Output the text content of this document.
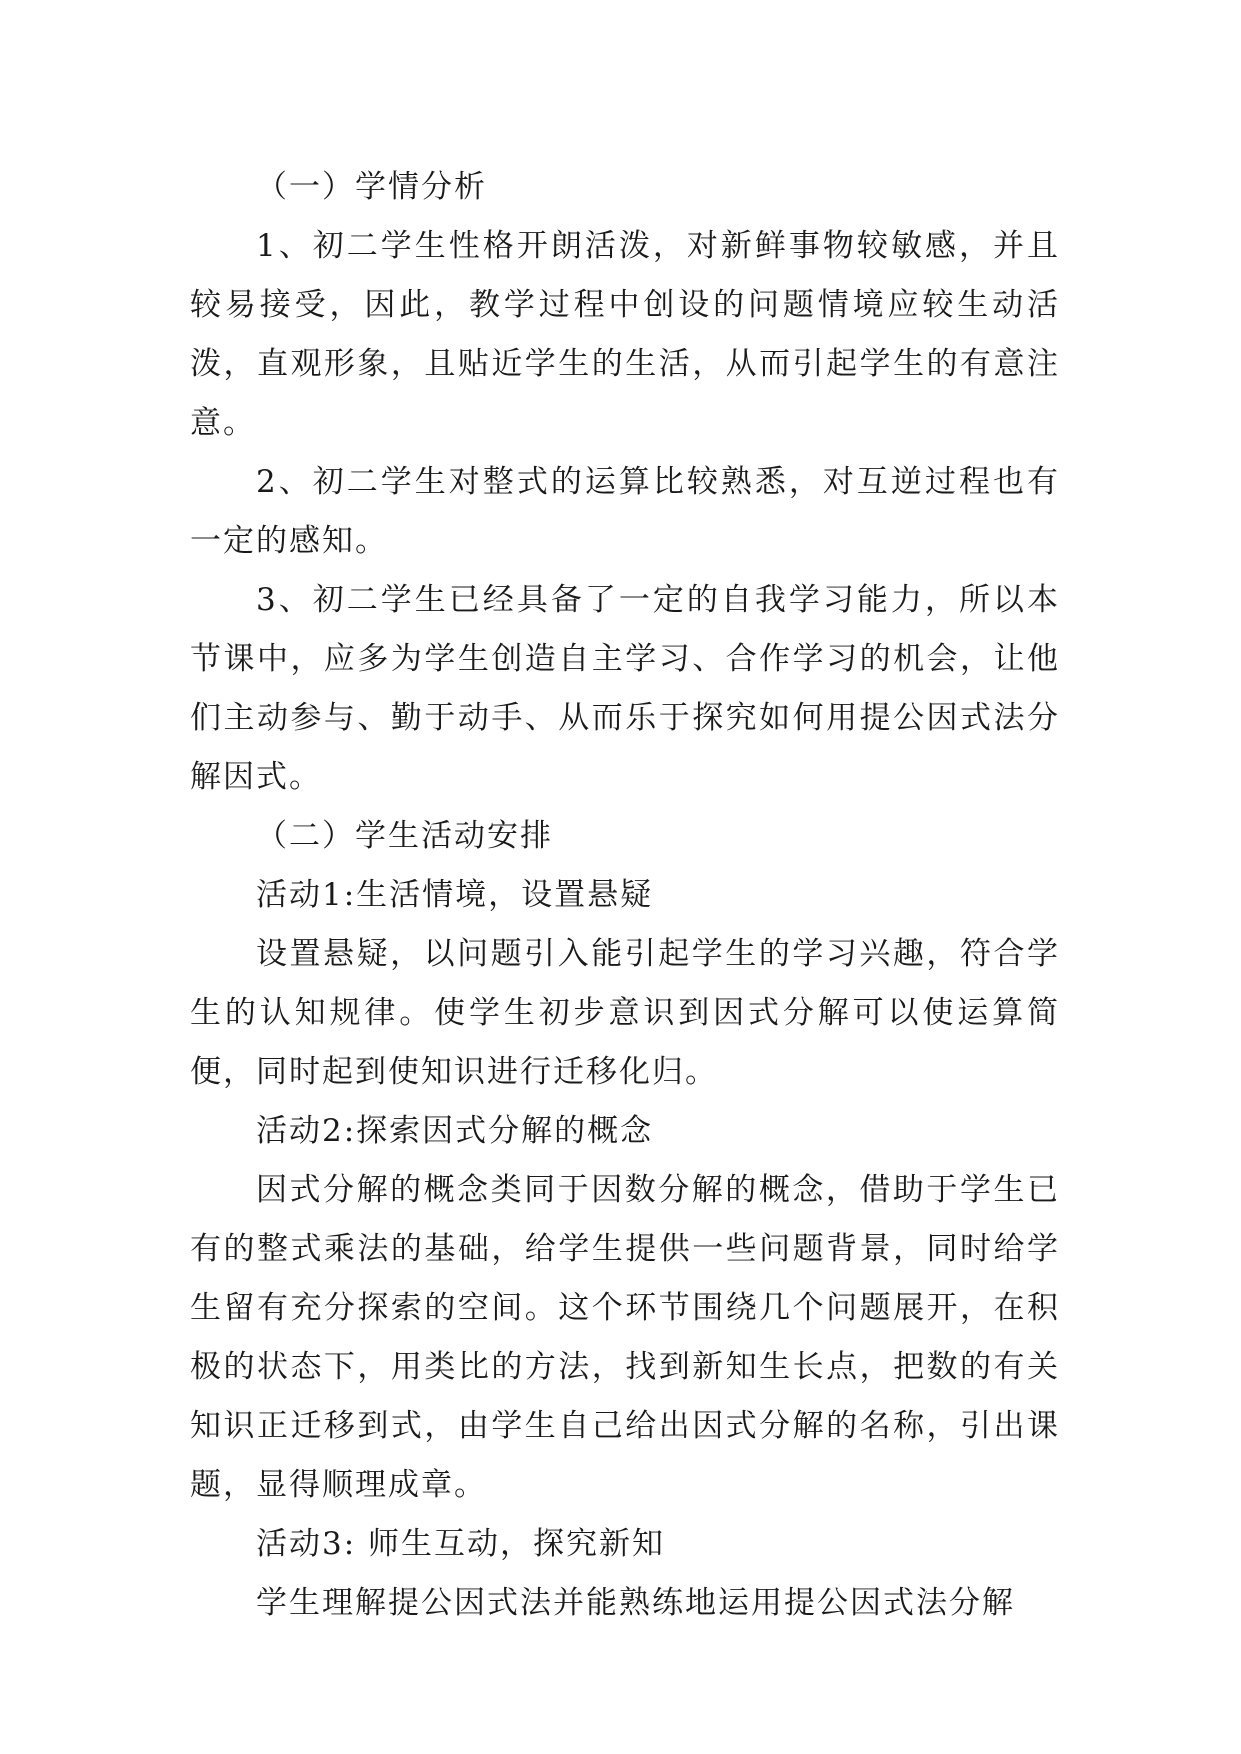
（一）学情分析

1、初二学生性格开朗活泼，对新鲜事物较敏感，并且较易接受，因此，教学过程中创设的问题情境应较生动活泼，直观形象，且贴近学生的生活，从而引起学生的有意注意。

2、初二学生对整式的运算比较熟悉，对互逆过程也有一定的感知。

3、初二学生已经具备了一定的自我学习能力，所以本节课中，应多为学生创造自主学习、合作学习的机会，让他们主动参与、勤于动手、从而乐于探究如何用提公因式法分解因式。

（二）学生活动安排

活动1:生活情境，设置悬疑

设置悬疑，以问题引入能引起学生的学习兴趣，符合学生的认知规律。使学生初步意识到因式分解可以使运算简便，同时起到使知识进行迁移化归。

活动2:探索因式分解的概念

因式分解的概念类同于因数分解的概念，借助于学生已有的整式乘法的基础，给学生提供一些问题背景，同时给学生留有充分探索的空间。这个环节围绕几个问题展开，在积极的状态下，用类比的方法，找到新知生长点，把数的有关知识正迁移到式，由学生自己给出因式分解的名称，引出课题，显得顺理成章。

活动3: 师生互动，探究新知

学生理解提公因式法并能熟练地运用提公因式法分解
